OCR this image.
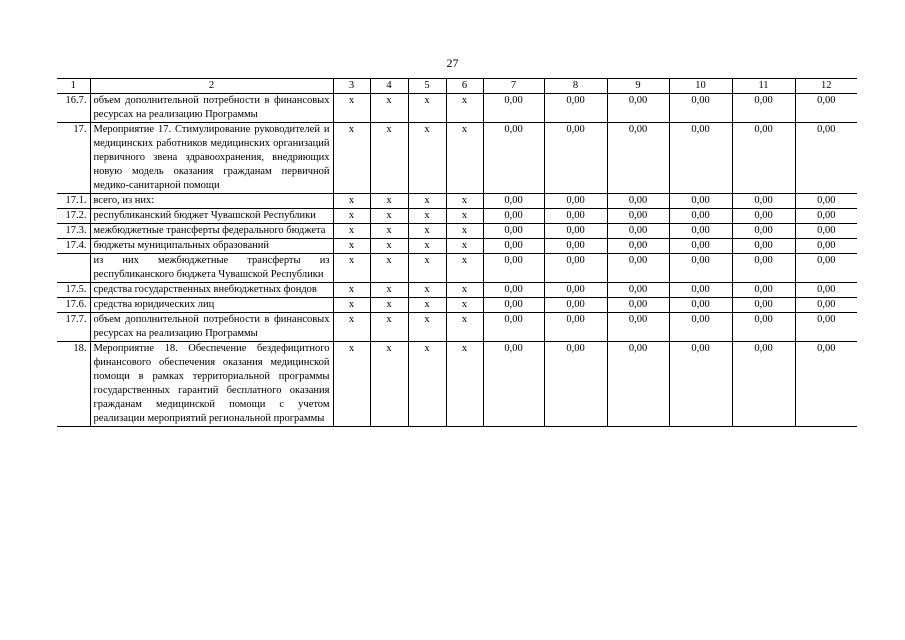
27
1	2	3	4	5	6	7	8	9	10	11	12
16.7.	объем дополнительной потребности в финансовых ресурсах на реализацию Программы	х	х	х	х	0,00	0,00	0,00	0,00	0,00	0,00
17.	Мероприятие 17. Стимулирование руководителей и медицинских работников медицинских организаций первичного звена здравоохранения, внедряющих новую модель оказания гражданам первичной медико-санитарной помощи	х	х	х	х	0,00	0,00	0,00	0,00	0,00	0,00
17.1.	всего, из них:	х	х	х	х	0,00	0,00	0,00	0,00	0,00	0,00
17.2.	республиканский бюджет Чувашской Республики	х	х	х	х	0,00	0,00	0,00	0,00	0,00	0,00
17.3.	межбюджетные трансферты федерального бюджета	х	х	х	х	0,00	0,00	0,00	0,00	0,00	0,00
17.4.	бюджеты муниципальных образований	х	х	х	х	0,00	0,00	0,00	0,00	0,00	0,00
	из них межбюджетные трансферты из республиканского бюджета Чувашской Республики	х	х	х	х	0,00	0,00	0,00	0,00	0,00	0,00
17.5.	средства государственных внебюджетных фондов	х	х	х	х	0,00	0,00	0,00	0,00	0,00	0,00
17.6.	средства юридических лиц	х	х	х	х	0,00	0,00	0,00	0,00	0,00	0,00
17.7.	объем дополнительной потребности в финансовых ресурсах на реализацию Программы	х	х	х	х	0,00	0,00	0,00	0,00	0,00	0,00
18.	Мероприятие 18. Обеспечение бездефицитного финансового обеспечения оказания медицинской помощи в рамках территориальной программы государственных гарантий бесплатного оказания гражданам медицинской помощи с учетом реализации мероприятий региональной программы	х	х	х	х	0,00	0,00	0,00	0,00	0,00	0,00
